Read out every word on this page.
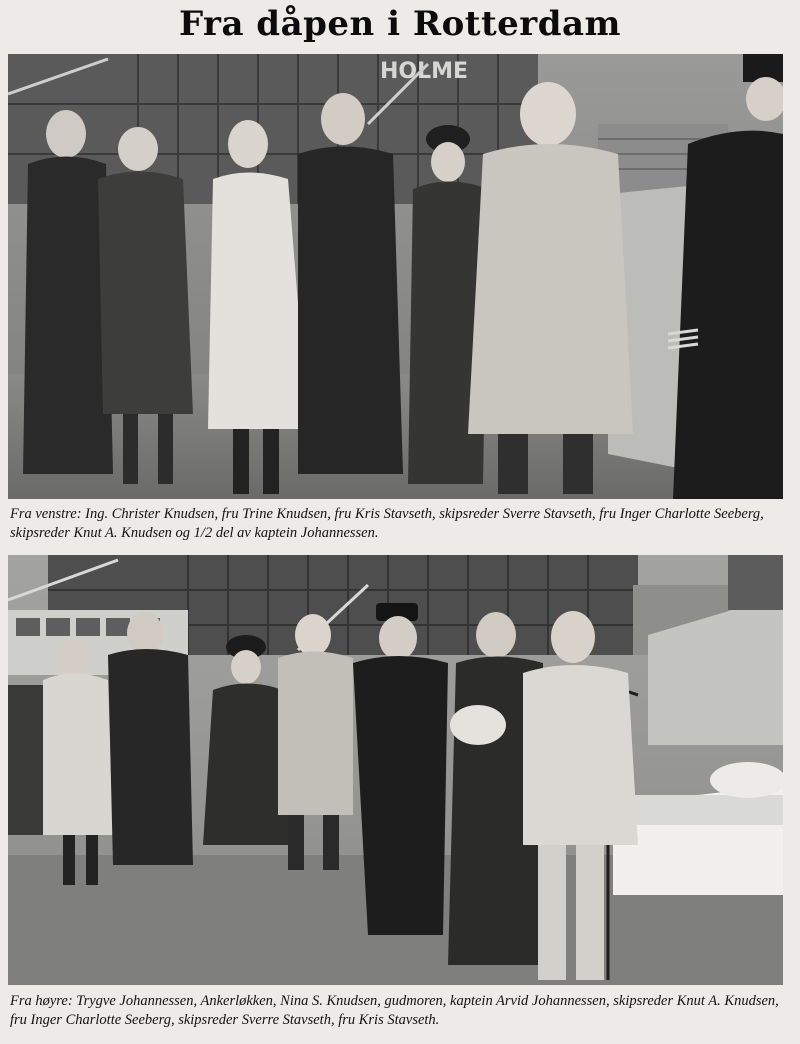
Fra dåpen i Rotterdam
HOLME
Fra venstre: Ing. Christer Knudsen, fru Trine Knudsen, fru Kris Stavseth, skipsreder Sverre Stavseth, fru Inger Charlotte Seeberg, skipsreder Knut A. Knudsen og 1/2 del av kaptein Johannessen.
Fra høyre: Trygve Johannessen, Ankerløkken, Nina S. Knudsen, gudmoren, kaptein Arvid Johannessen, skipsreder Knut A. Knudsen, fru Inger Charlotte Seeberg, skipsreder Sverre Stavseth, fru Kris Stavseth.
